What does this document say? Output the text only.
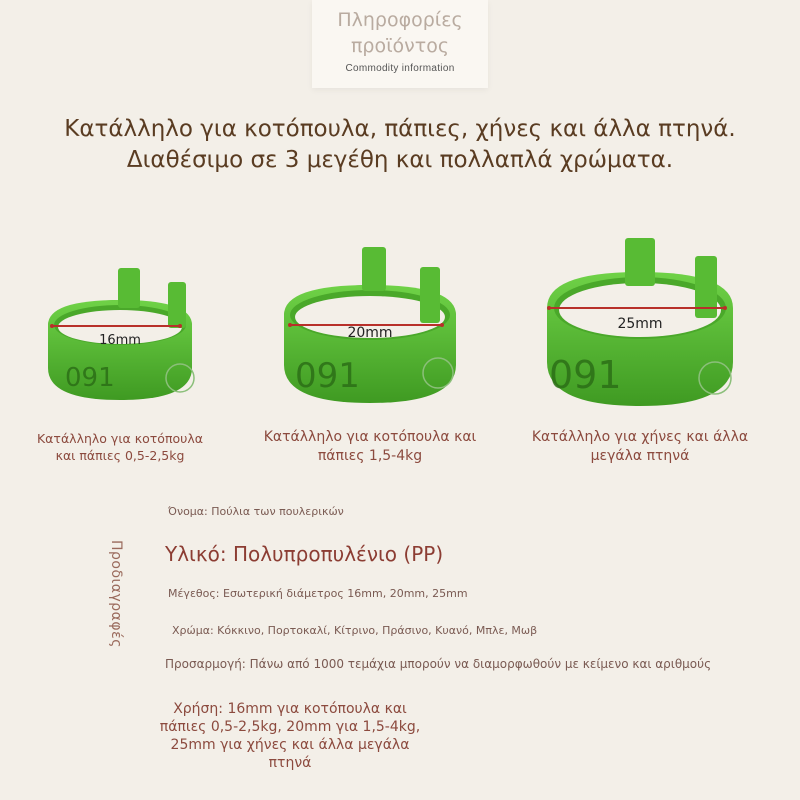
Πληροφορίες προϊόντος
Commodity information
Κατάλληλο για κοτόπουλα, πάπιες, χήνες και άλλα πτηνά.
Διαθέσιμο σε 3 μεγέθη και πολλαπλά χρώματα.
16mm
091
20mm
091
25mm
091
Κατάλληλο για κοτόπουλα
και πάπιες 0,5-2,5kg
Κατάλληλο για κοτόπουλα και
πάπιες 1,5-4kg
Κατάλληλο για χήνες και άλλα
μεγάλα πτηνά
Προδιαγραφές
Όνομα: Πούλια των πουλερικών
Υλικό: Πολυπροπυλένιο (PP)
Μέγεθος: Εσωτερική διάμετρος 16mm, 20mm, 25mm
Χρώμα: Κόκκινο, Πορτοκαλί, Κίτρινο, Πράσινο, Κυανό, Μπλε, Μωβ
Προσαρμογή: Πάνω από 1000 τεμάχια μπορούν να διαμορφωθούν με κείμενο και αριθμούς
Χρήση: 16mm για κοτόπουλα και
πάπιες 0,5-2,5kg, 20mm για 1,5-4kg,
25mm για χήνες και άλλα μεγάλα
πτηνά
